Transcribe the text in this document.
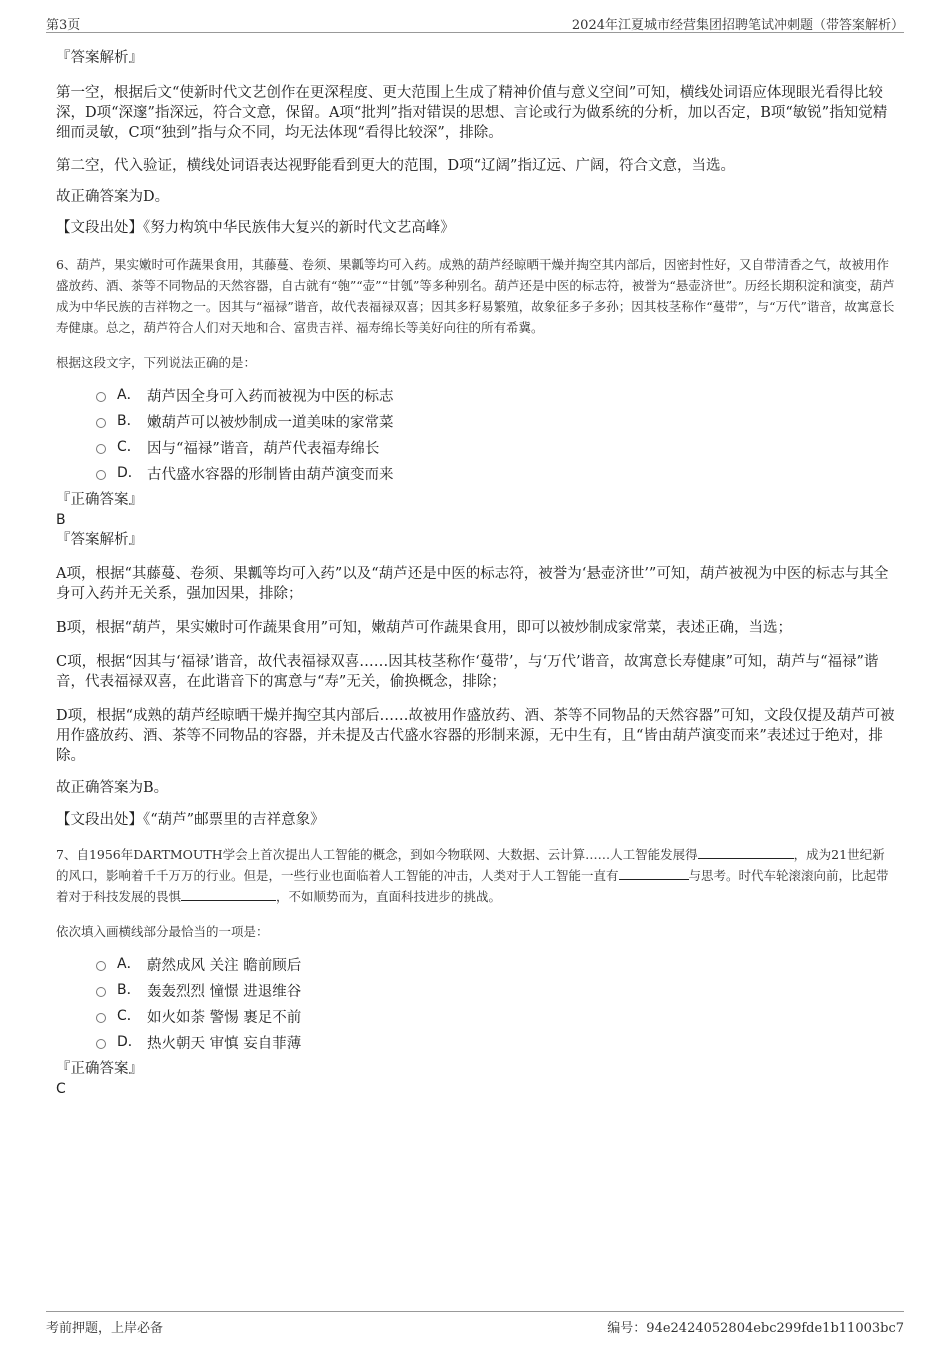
第3页	2024年江夏城市经营集团招聘笔试冲刺题（带答案解析）

『答案解析』

第一空，根据后文“使新时代文艺创作在更深程度、更大范围上生成了精神价值与意义空间”可知，横线处词语应体现眼光看得比较深，D项“深邃”指深远，符合文意，保留。A项“批判”指对错误的思想、言论或行为做系统的分析，加以否定，B项“敏锐”指知觉精细而灵敏，C项“独到”指与众不同，均无法体现“看得比较深”，排除。

第二空，代入验证，横线处词语表达视野能看到更大的范围，D项“辽阔”指辽远、广阔，符合文意，当选。

故正确答案为D。

【文段出处】《努力构筑中华民族伟大复兴的新时代文艺高峰》

6、葫芦，果实嫩时可作蔬果食用，其藤蔓、卷须、果瓤等均可入药。成熟的葫芦经晾晒干燥并掏空其内部后，因密封性好，又自带清香之气，故被用作盛放药、酒、茶等不同物品的天然容器，自古就有“匏”“壶”“甘瓠”等多种别名。葫芦还是中医的标志符，被誉为“悬壶济世”。历经长期积淀和演变，葫芦成为中华民族的吉祥物之一。因其与“福禄”谐音，故代表福禄双喜；因其多籽易繁殖，故象征多子多孙；因其枝茎称作“蔓带”，与“万代”谐音，故寓意长寿健康。总之，葫芦符合人们对天地和合、富贵吉祥、福寿绵长等美好向往的所有希冀。

根据这段文字，下列说法正确的是：

A． 葫芦因全身可入药而被视为中医的标志
B． 嫩葫芦可以被炒制成一道美味的家常菜
C． 因与“福禄”谐音，葫芦代表福寿绵长
D． 古代盛水容器的形制皆由葫芦演变而来

『正确答案』

B

『答案解析』

A项，根据“其藤蔓、卷须、果瓤等均可入药”以及“葫芦还是中医的标志符，被誉为‘悬壶济世’”可知，葫芦被视为中医的标志与其全身可入药并无关系，强加因果，排除；

B项，根据“葫芦，果实嫩时可作蔬果食用”可知，嫩葫芦可作蔬果食用，即可以被炒制成家常菜，表述正确，当选；

C项，根据“因其与‘福禄’谐音，故代表福禄双喜……因其枝茎称作‘蔓带’，与‘万代’谐音，故寓意长寿健康”可知，葫芦与“福禄”谐音，代表福禄双喜，在此谐音下的寓意与“寿”无关，偷换概念，排除；

D项，根据“成熟的葫芦经晾晒干燥并掏空其内部后……故被用作盛放药、酒、茶等不同物品的天然容器”可知，文段仅提及葫芦可被用作盛放药、酒、茶等不同物品的容器，并未提及古代盛水容器的形制来源，无中生有，且“皆由葫芦演变而来”表述过于绝对，排除。

故正确答案为B。

【文段出处】《“葫芦”邮票里的吉祥意象》

7、自1956年DARTMOUTH学会上首次提出人工智能的概念，到如今物联网、大数据、云计算……人工智能发展得	，成为21世纪新的风口，影响着千千万万的行业。但是，一些行业也面临着人工智能的冲击，人类对于人工智能一直有	与思考。时代车轮滚滚向前，比起带着对于科技发展的畏惧	，不如顺势而为，直面科技进步的挑战。

依次填入画横线部分最恰当的一项是：

A． 蔚然成风 关注 瞻前顾后
B． 轰轰烈烈 憧憬 进退维谷
C． 如火如荼 警惕 裹足不前
D． 热火朝天 审慎 妄自菲薄

『正确答案』

C

考前押题，上岸必备	编号：94e2424052804ebc299fde1b11003bc7
